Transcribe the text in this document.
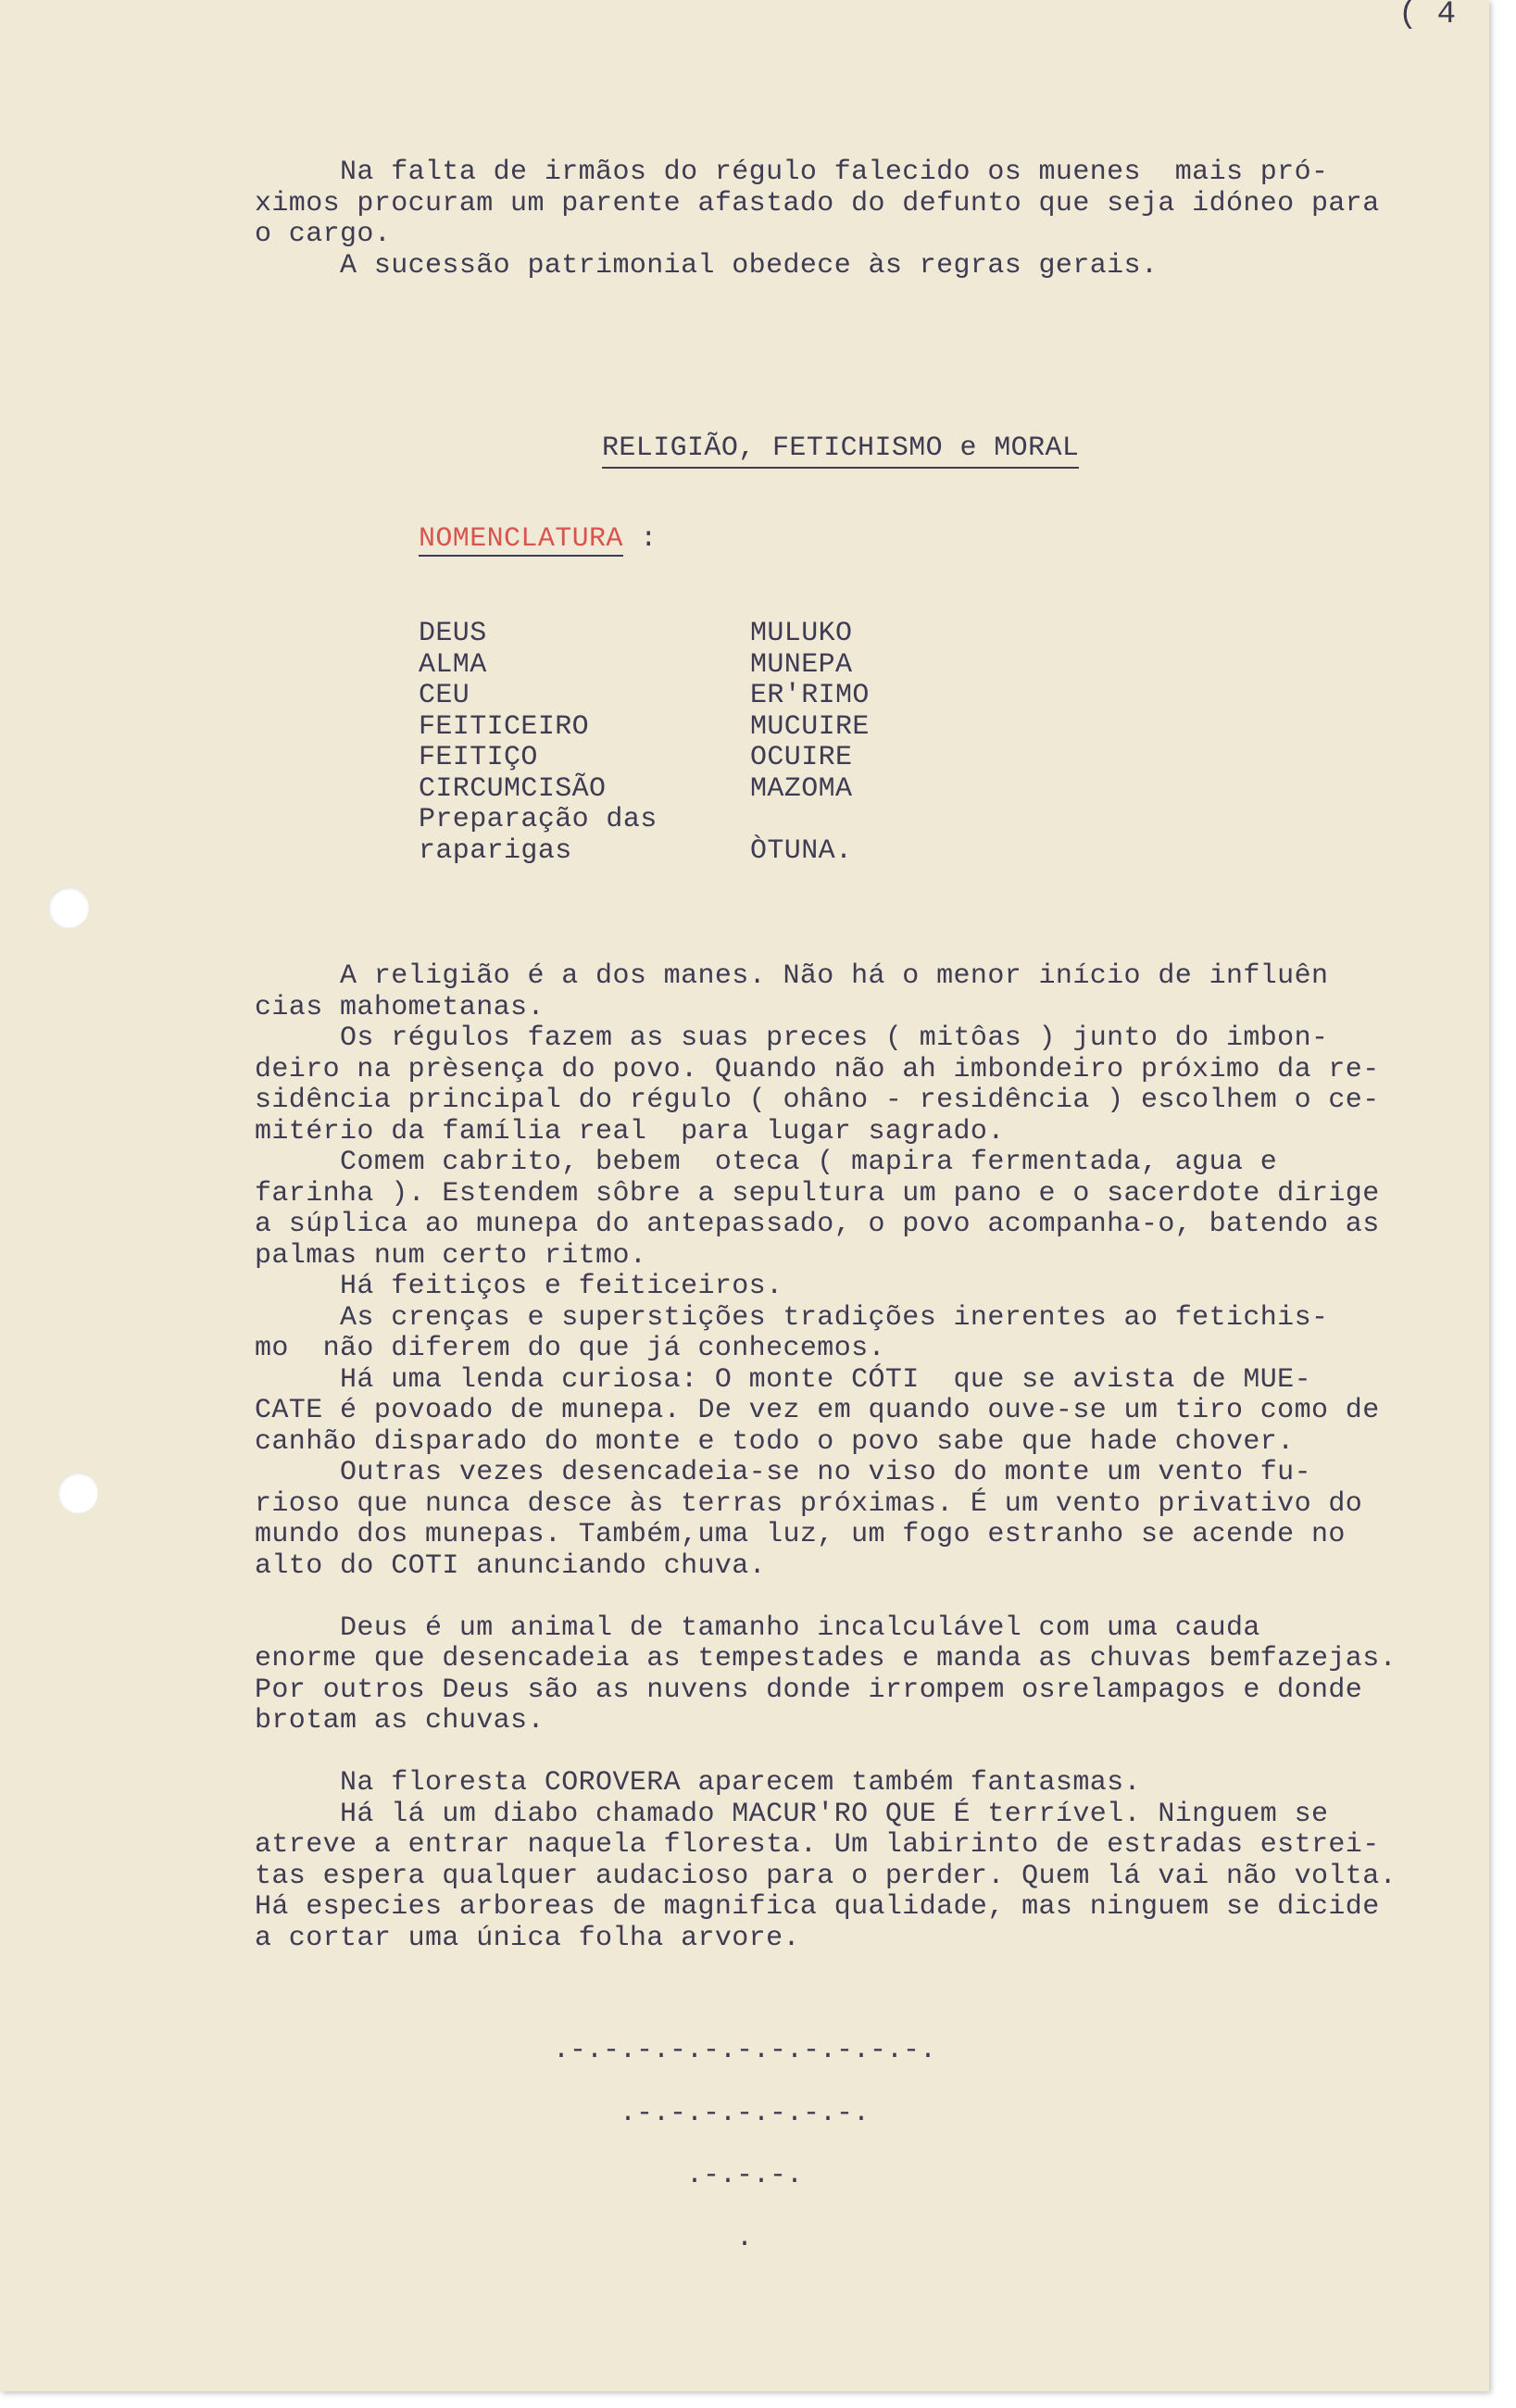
( 4
Na falta de irmãos do régulo falecido os muenes  mais pró-
ximos procuram um parente afastado do defunto que seja idóneo para
o cargo.
A sucessão patrimonial obedece às regras gerais.
RELIGIÃO, FETICHISMO e MORAL
NOMENCLATURA :
DEUS
ALMA
CEU
FEITICEIRO
FEITIÇO
CIRCUMCISÃO
Preparação das
raparigas
MULUKO
MUNEPA
ER'RIMO
MUCUIRE
OCUIRE
MAZOMA
ÒTUNA.
A religião é a dos manes. Não há o menor início de influên
cias mahometanas.
Os régulos fazem as suas preces ( mitôas ) junto do imbon-
deiro na prèsença do povo. Quando não ah imbondeiro próximo da re-
sidência principal do régulo ( ohâno - residência ) escolhem o ce-
mitério da família real  para lugar sagrado.
Comem cabrito, bebem  oteca ( mapira fermentada, agua e
farinha ). Estendem sôbre a sepultura um pano e o sacerdote dirige
a súplica ao munepa do antepassado, o povo acompanha-o, batendo as
palmas num certo ritmo.
Há feitiços e feiticeiros.
As crenças e superstições tradições inerentes ao fetichis-
mo  não diferem do que já conhecemos.
Há uma lenda curiosa: O monte CÓTI  que se avista de MUE-
CATE é povoado de munepa. De vez em quando ouve-se um tiro como de
canhão disparado do monte e todo o povo sabe que hade chover.
Outras vezes desencadeia-se no viso do monte um vento fu-
rioso que nunca desce às terras próximas. É um vento privativo do
mundo dos munepas. Também,uma luz, um fogo estranho se acende no
alto do COTI anunciando chuva.

Deus é um animal de tamanho incalculável com uma cauda
enorme que desencadeia as tempestades e manda as chuvas bemfazejas.
Por outros Deus são as nuvens donde irrompem osrelampagos e donde
brotam as chuvas.

Na floresta COROVERA aparecem também fantasmas.
Há lá um diabo chamado MACUR'RO QUE É terrível. Ninguem se
atreve a entrar naquela floresta. Um labirinto de estradas estrei-
tas espera qualquer audacioso para o perder. Quem lá vai não volta.
Há especies arboreas de magnifica qualidade, mas ninguem se dicide
a cortar uma única folha arvore.
.-.-.-.-.-.-.-.-.-.-.-.
.-.-.-.-.-.-.-.
.-.-.-.
.
